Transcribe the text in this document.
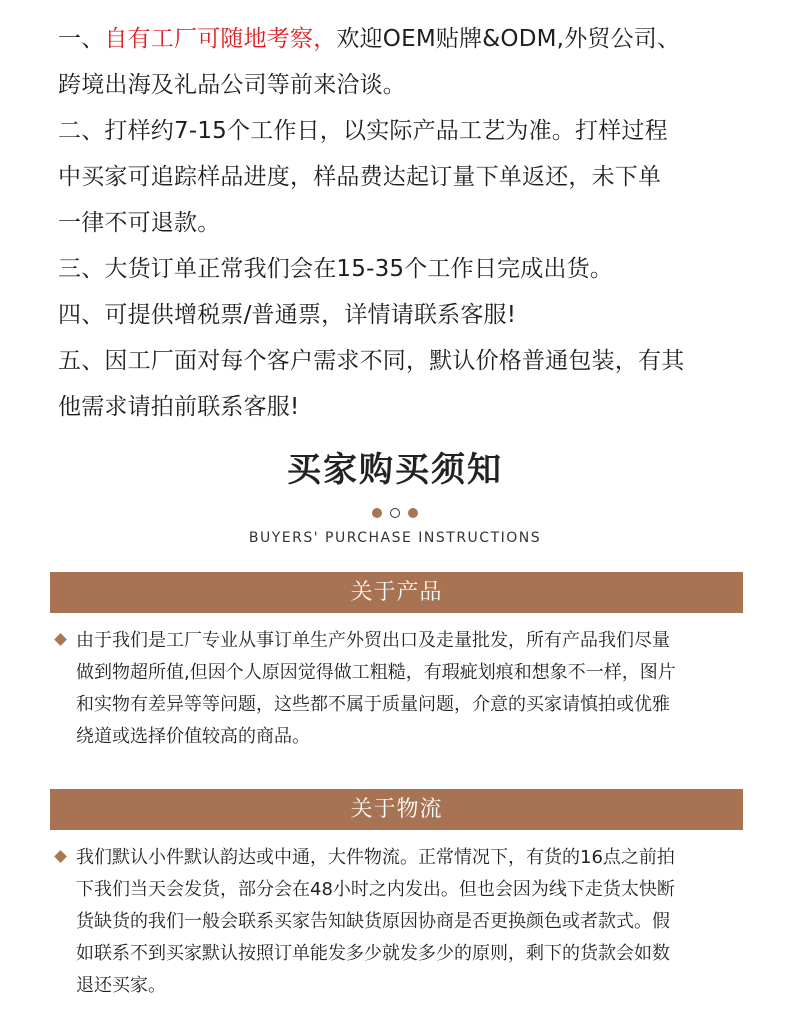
一、自有工厂可随地考察，欢迎OEM贴牌&ODM,外贸公司、
跨境出海及礼品公司等前来洽谈。
二、打样约7-15个工作日，以实际产品工艺为准。打样过程
中买家可追踪样品进度，样品费达起订量下单返还，未下单
一律不可退款。
三、大货订单正常我们会在15-35个工作日完成出货。
四、可提供增税票/普通票，详情请联系客服!
五、因工厂面对每个客户需求不同，默认价格普通包装，有其
他需求请拍前联系客服!
买家购买须知
BUYERS' PURCHASE INSTRUCTIONS
关于产品
由于我们是工厂专业从事订单生产外贸出口及走量批发，所有产品我们尽量
做到物超所值,但因个人原因觉得做工粗糙，有瑕疵划痕和想象不一样，图片
和实物有差异等等问题，这些都不属于质量问题，介意的买家请慎拍或优雅
绕道或选择价值较高的商品。
关于物流
我们默认小件默认韵达或中通，大件物流。正常情况下，有货的16点之前拍
下我们当天会发货，部分会在48小时之内发出。但也会因为线下走货太快断
货缺货的我们一般会联系买家告知缺货原因协商是否更换颜色或者款式。假
如联系不到买家默认按照订单能发多少就发多少的原则，剩下的货款会如数
退还买家。
